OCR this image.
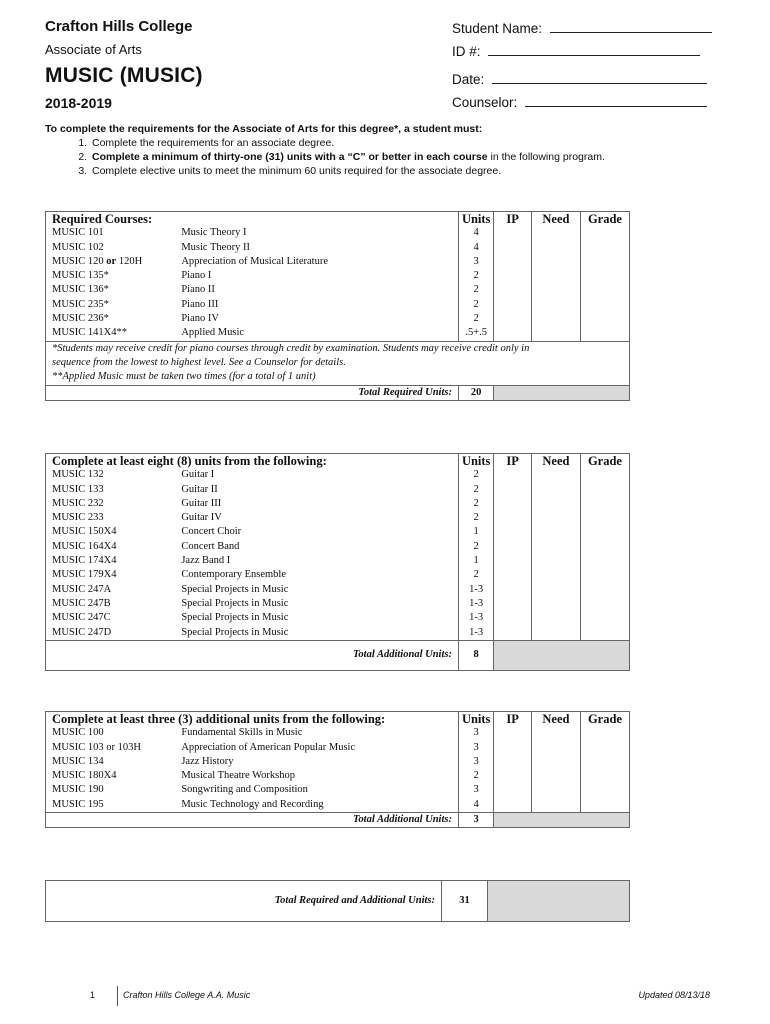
Crafton Hills College
Associate of Arts
MUSIC (MUSIC)
2018-2019
Student Name:
ID #:
Date:
Counselor:
To complete the requirements for the Associate of Arts for this degree*, a student must:
1. Complete the requirements for an associate degree.
2. Complete a minimum of thirty-one (31) units with a “C” or better in each course in the following program.
3. Complete elective units to meet the minimum 60 units required for the associate degree.
Required Courses:		Units	IP	Need	Grade
MUSIC 101	Music Theory I	4			
MUSIC 102	Music Theory II	4			
MUSIC 120 or 120H	Appreciation of Musical Literature	3			
MUSIC 135*	Piano I	2			
MUSIC 136*	Piano II	2			
MUSIC 235*	Piano III	2			
MUSIC 236*	Piano IV	2			
MUSIC 141X4**	Applied Music	.5+.5			
*Students may receive credit for piano courses through credit by examination. Students may receive credit only in					
sequence from the lowest to highest level. See a Counselor for details.					
**Applied Music must be taken two times (for a total of 1 unit)					
Total Required Units:		20			
Complete at least eight (8) units from the following:		Units	IP	Need	Grade
MUSIC 132	Guitar I	2			
MUSIC 133	Guitar II	2			
MUSIC 232	Guitar III	2			
MUSIC 233	Guitar IV	2			
MUSIC 150X4	Concert Choir	1			
MUSIC 164X4	Concert Band	2			
MUSIC 174X4	Jazz Band I	1			
MUSIC 179X4	Contemporary Ensemble	2			
MUSIC 247A	Special Projects in Music	1-3			
MUSIC 247B	Special Projects in Music	1-3			
MUSIC 247C	Special Projects in Music	1-3			
MUSIC 247D	Special Projects in Music	1-3			
Total Additional Units:		8			
Complete at least three (3) additional units from the following:		Units	IP	Need	Grade
MUSIC 100	Fundamental Skills in Music	3			
MUSIC 103 or 103H	Appreciation of American Popular Music	3			
MUSIC 134	Jazz History	3			
MUSIC 180X4	Musical Theatre Workshop	2			
MUSIC 190	Songwriting and Composition	3			
MUSIC 195	Music Technology and Recording	4			
Total Additional Units:		3			
Total Required and Additional Units:	31	
1	Crafton Hills College A.A. Music	Updated 08/13/18
